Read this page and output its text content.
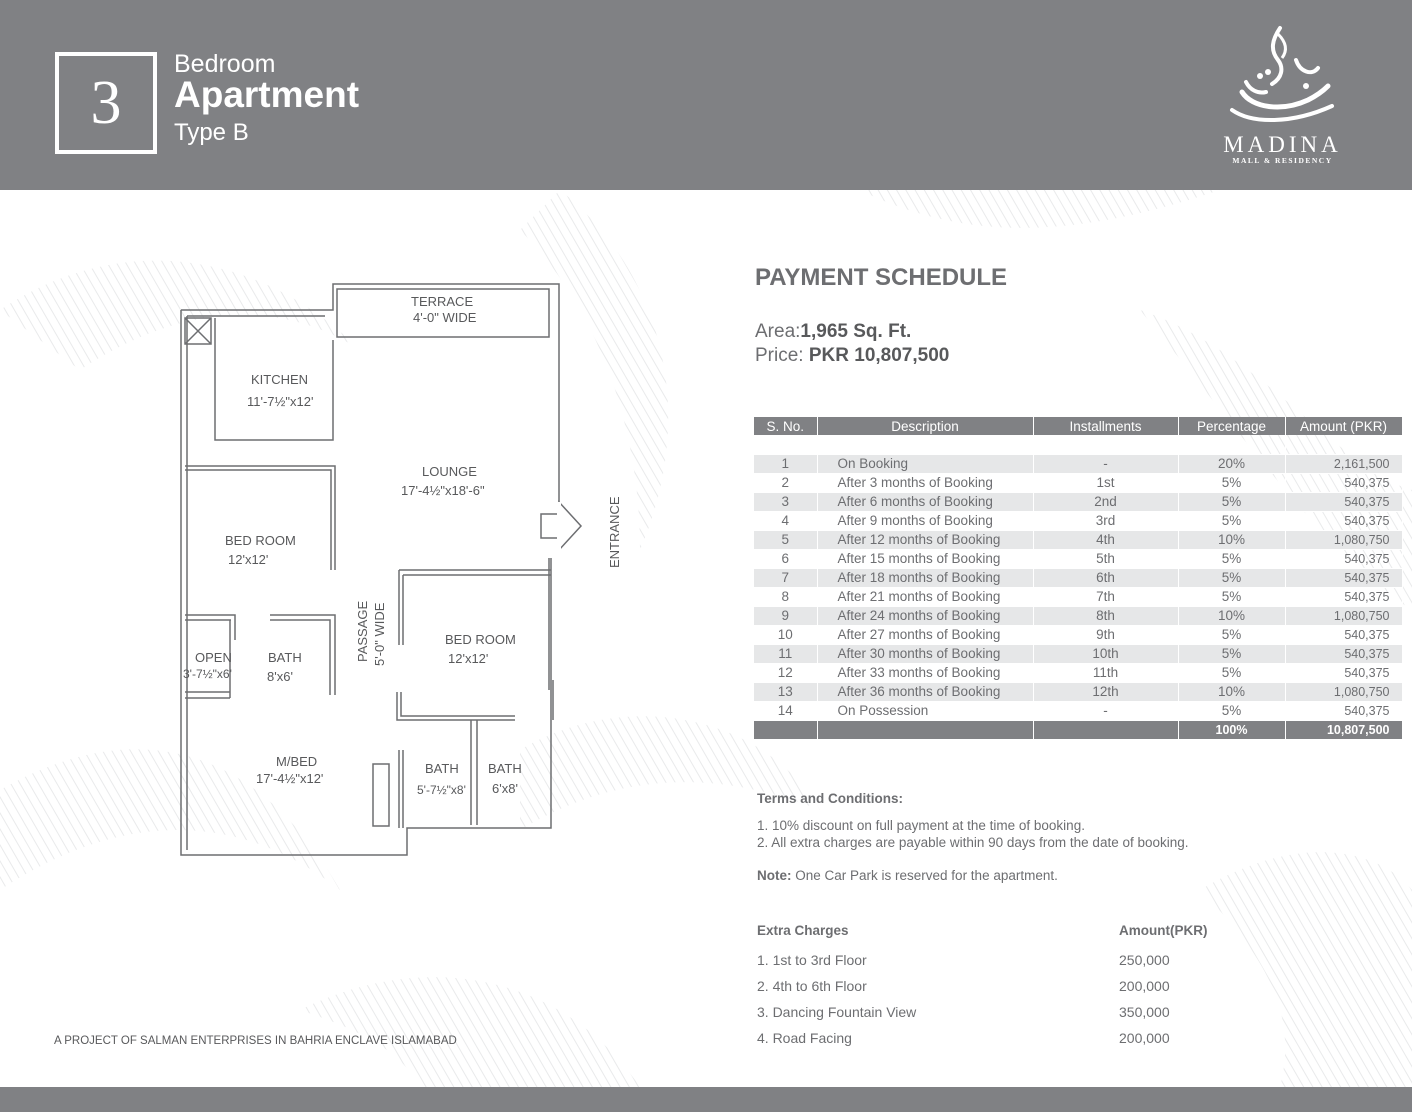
3
Bedroom
Apartment
Type B	MADINA
MALL & RESIDENCY
TERRACE
4'-0" WIDE
KITCHEN
11'-7½"x12'
LOUNGE
17'-4½"x18'-6"
BED ROOM
12'x12'	ENTRANCE
PASSAGE 5'-0" WIDE
OPEN
3'-7½"x6'
BATH
8'x6'
BED ROOM
12'x12'
M/BED
17'-4½"x12'
BATH
5'-7½"x8'
BATH
6'x8'
A PROJECT OF SALMAN ENTERPRISES IN BAHRIA ENCLAVE ISLAMABAD
PAYMENT SCHEDULE
Area:1,965 Sq. Ft.
Price: PKR 10,807,500
S. No.	Description	Installments	Percentage	Amount (PKR)

1	On Booking	-	20%	2,161,500
2	After 3 months of Booking	1st	5%	540,375
3	After 6 months of Booking	2nd	5%	540,375
4	After 9 months of Booking	3rd	5%	540,375
5	After 12 months of Booking	4th	10%	1,080,750
6	After 15 months of Booking	5th	5%	540,375
7	After 18 months of Booking	6th	5%	540,375
8	After 21 months of Booking	7th	5%	540,375
9	After 24 months of Booking	8th	10%	1,080,750
10	After 27 months of Booking	9th	5%	540,375
11	After 30 months of Booking	10th	5%	540,375
12	After 33 months of Booking	11th	5%	540,375
13	After 36 months of Booking	12th	10%	1,080,750
14	On Possession	-	5%	540,375
			100%	10,807,500
Terms and Conditions:
1. 10% discount on full payment at the time of booking.
2. All extra charges are payable within 90 days from the date of booking.
Note: One Car Park is reserved for the apartment.
Extra Charges	Amount(PKR)
1. 1st to 3rd Floor	250,000
2. 4th to 6th Floor	200,000
3. Dancing Fountain View	350,000
4. Road Facing	200,000
